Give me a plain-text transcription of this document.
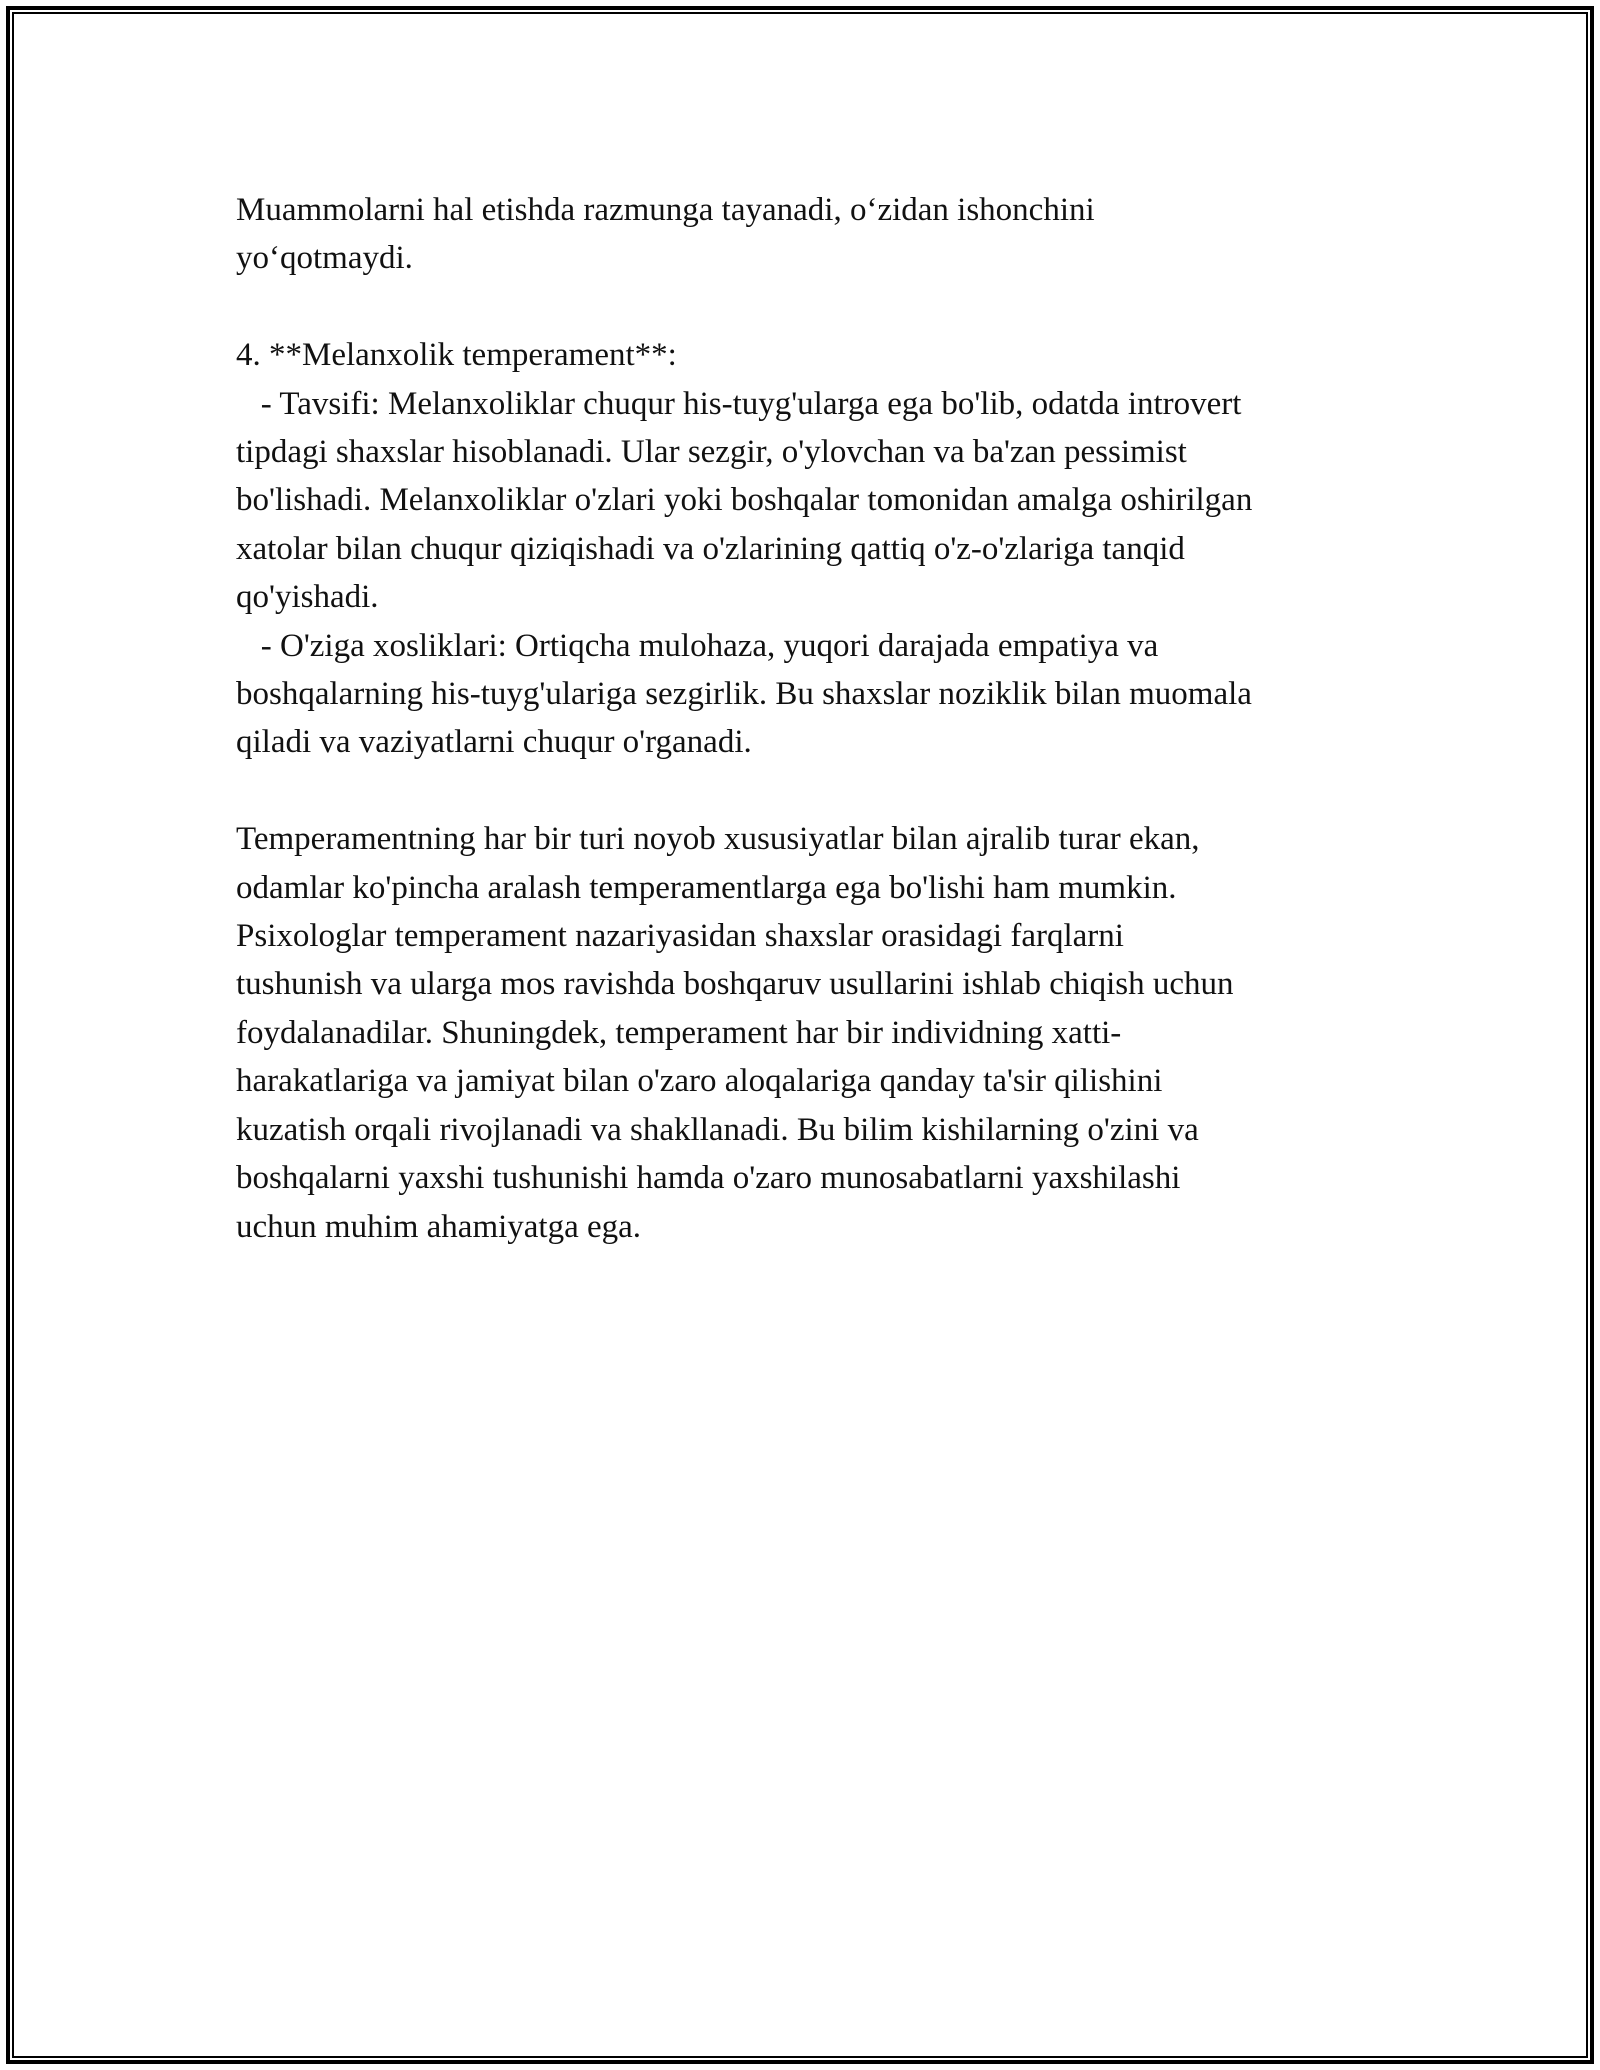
Muammolarni hal etishda razmunga tayanadi, o‘zidan ishonchini
yo‘qotmaydi.

4. **Melanxolik temperament**:

- Tavsifi: Melanxoliklar chuqur his-tuyg'ularga ega bo'lib, odatda introvert
tipdagi shaxslar hisoblanadi. Ular sezgir, o'ylovchan va ba'zan pessimist
bo'lishadi. Melanxoliklar o'zlari yoki boshqalar tomonidan amalga oshirilgan
xatolar bilan chuqur qiziqishadi va o'zlarining qattiq o'z-o'zlariga tanqid
qo'yishadi.

- O'ziga xosliklari: Ortiqcha mulohaza, yuqori darajada empatiya va
boshqalarning his-tuyg'ulariga sezgirlik. Bu shaxslar noziklik bilan muomala
qiladi va vaziyatlarni chuqur o'rganadi.

Temperamentning har bir turi noyob xususiyatlar bilan ajralib turar ekan,
odamlar ko'pincha aralash temperamentlarga ega bo'lishi ham mumkin.
Psixologlar temperament nazariyasidan shaxslar orasidagi farqlarni
tushunish va ularga mos ravishda boshqaruv usullarini ishlab chiqish uchun
foydalanadilar. Shuningdek, temperament har bir individning xatti-
harakatlariga va jamiyat bilan o'zaro aloqalariga qanday ta'sir qilishini
kuzatish orqali rivojlanadi va shakllanadi. Bu bilim kishilarning o'zini va
boshqalarni yaxshi tushunishi hamda o'zaro munosabatlarni yaxshilashi
uchun muhim ahamiyatga ega.
